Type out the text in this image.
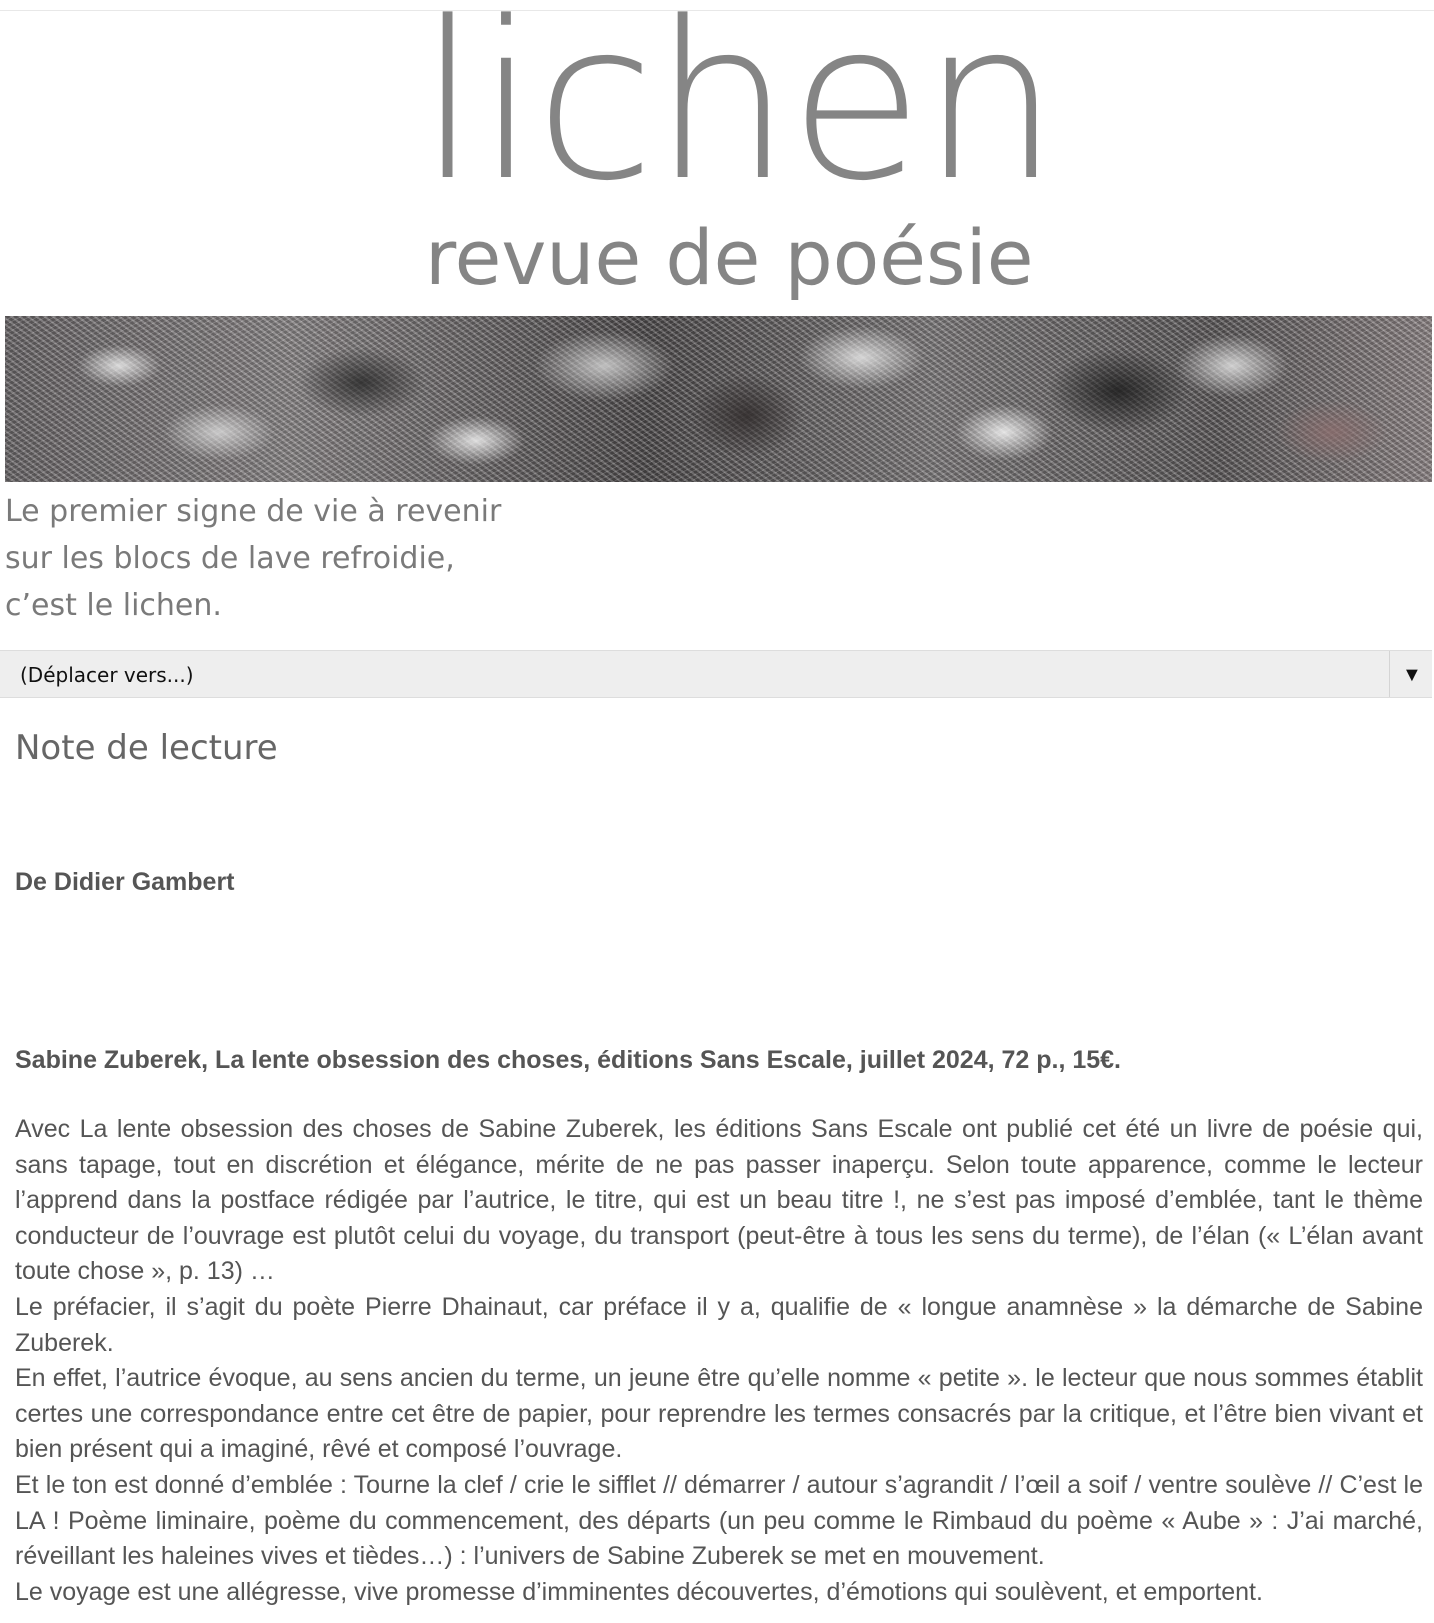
lichen
revue de poésie
Le premier signe de vie à revenir
sur les blocs de lave refroidie,
c’est le lichen.
(Déplacer vers...)	▼
Note de lecture
De Didier Gambert
Sabine Zuberek, La lente obsession des choses, éditions Sans Escale, juillet 2024, 72 p., 15€.

Avec La lente obsession des choses de Sabine Zuberek, les éditions Sans Escale ont publié cet été un livre de poésie qui, sans tapage, tout en discrétion et élégance, mérite de ne pas passer inaperçu. Selon toute apparence, comme le lecteur l’apprend dans la postface rédigée par l’autrice, le titre, qui est un beau titre !, ne s’est pas imposé d’emblée, tant le thème conducteur de l’ouvrage est plutôt celui du voyage, du transport (peut-être à tous les sens du terme), de l’élan (« L’élan avant toute chose », p. 13) …

Le préfacier, il s’agit du poète Pierre Dhainaut, car préface il y a, qualifie de « longue anamnèse » la démarche de Sabine Zuberek.

En effet, l’autrice évoque, au sens ancien du terme, un jeune être qu’elle nomme « petite ». le lecteur que nous sommes établit certes une correspondance entre cet être de papier, pour reprendre les termes consacrés par la critique, et l’être bien vivant et bien présent qui a imaginé, rêvé et composé l’ouvrage.

Et le ton est donné d’emblée : Tourne la clef / crie le sifflet // démarrer / autour s’agrandit / l’œil a soif / ventre soulève // C’est le LA ! Poème liminaire, poème du commencement, des départs (un peu comme le Rimbaud du poème « Aube » : J’ai marché, réveillant les haleines vives et tièdes…) : l’univers de Sabine Zuberek se met en mouvement.

Le voyage est une allégresse, vive promesse d’imminentes découvertes, d’émotions qui soulèvent, et emportent.
